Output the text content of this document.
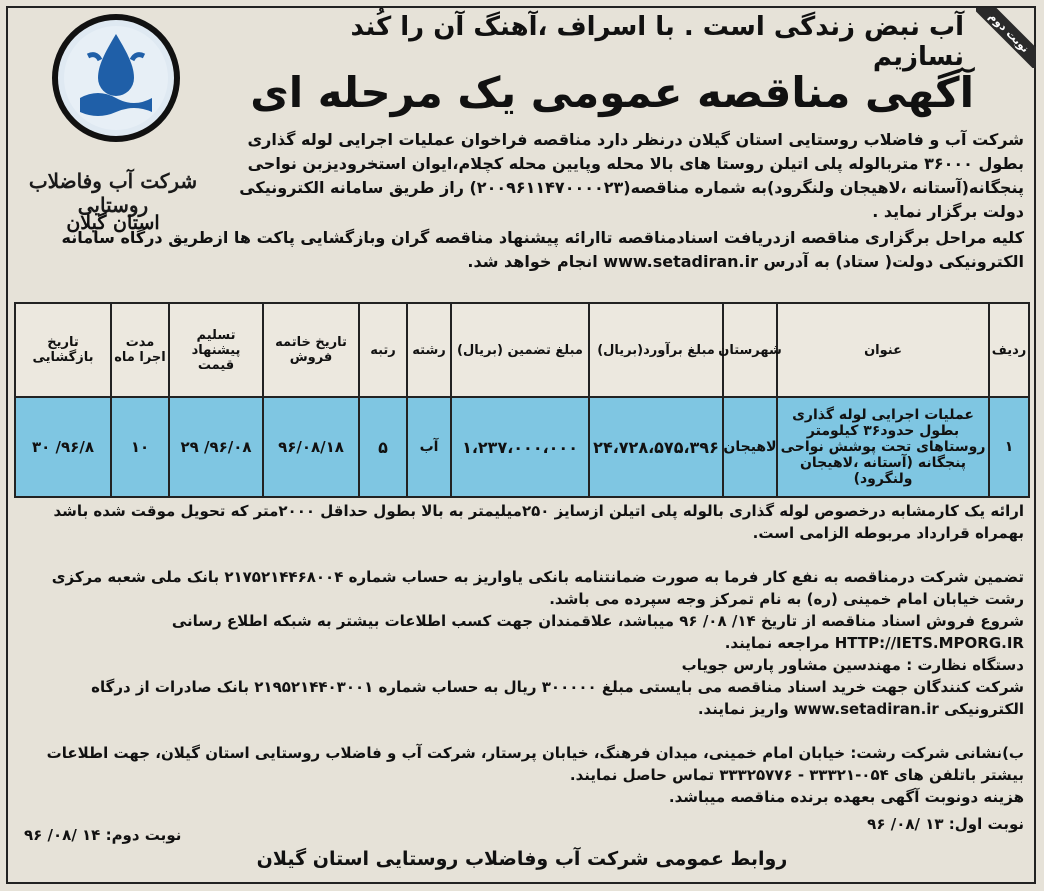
نوبت دوم
آب نبض زندگی است . با اسراف ،آهنگ آن را کُند نسازیم
آگهی مناقصه عمومی یک مرحله ای
شرکت آب وفاضلاب روستایی
استان گیلان
شرکت آب و فاضلاب روستایی استان گیلان درنظر دارد مناقصه فراخوان عملیات اجرایی لوله گذاری بطول ۳۶۰۰۰ متربالوله پلی اتیلن روستا های بالا محله وپایین محله کچلام،ایوان استخرودیزبن نواحی پنجگانه(آستانه ،لاهیجان ولنگرود)به شماره مناقصه(۲۰۰۹۶۱۱۴۷۰۰۰۰۲۳) راز طریق سامانه الکترونیکی دولت برگزار نماید .
کلیه مراحل برگزاری مناقصه ازدریافت اسنادمناقصه تاارائه پیشنهاد مناقصه گران وبازگشایی پاکت ها ازطریق درگاه سامانه الکترونیکی دولت( ستاد) به آدرس www.setadiran.ir انجام خواهد شد.
ردیف
عنوان
شهرستان
مبلغ برآورد(بریال)
مبلغ تضمین (بریال)
رشته
رتبه
تاریخ خاتمه فروش
تسلیم پیشنهاد قیمت
مدت اجرا ماه
تاریخ بازگشایی
۱
عملیات اجرایی لوله گذاری بطول حدود۳۶ کیلومتر روستاهای تحت پوشش نواحی پنجگانه (آستانه ،لاهیجان ولنگرود)
لاهیجان
۲۴،۷۲۸،۵۷۵،۳۹۶
۱،۲۳۷،۰۰۰،۰۰۰
آب
۵
۹۶/۰۸/۱۸
۹۶/۰۸/ ۲۹
۱۰
۹۶/۸/ ۳۰
ارائه یک کارمشابه درخصوص لوله گذاری بالوله پلی اتیلن ازسایز ۲۵۰میلیمتر به بالا بطول حداقل ۲۰۰۰متر که تحویل موقت شده باشد بهمراه قرارداد مربوطه الزامی است.
تضمین شرکت درمناقصه به نفع کار فرما به صورت ضمانتنامه بانکی یاواریز به حساب شماره ۲۱۷۵۲۱۴۴۶۸۰۰۴ بانک ملی شعبه مرکزی رشت خیابان امام خمینی (ره) به نام تمرکز وجه سپرده می باشد.
شروع فروش اسناد مناقصه از تاریخ ۱۴/ ۰۸/ ۹۶ میباشد، علاقمندان جهت کسب اطلاعات بیشتر به شبکه اطلاع رسانی HTTP://IETS.MPORG.IR مراجعه نمایند.
دستگاه نظارت : مهندسین مشاور پارس جویاب
شرکت کنندگان جهت خرید اسناد مناقصه می بایستی مبلغ ۳۰۰۰۰۰ ریال به حساب شماره ۲۱۹۵۲۱۴۴۰۳۰۰۱ بانک صادرات از درگاه الکترونیکی www.setadiran.ir واریز نمایند.
ب)نشانی شرکت رشت: خیابان امام خمینی، میدان فرهنگ، خیابان پرستار، شرکت آب و فاضلاب روستایی استان گیلان، جهت اطلاعات بیشتر باتلفن های ۰۵۴-۳۳۳۲۱ - ۳۳۳۲۵۷۷۶ تماس حاصل نمایند.
هزینه دونوبت آگهی بعهده برنده مناقصه میباشد.
نوبت اول: ۱۳ /۰۸/ ۹۶
نوبت دوم: ۱۴ /۰۸/ ۹۶
روابط عمومی شرکت آب وفاضلاب روستایی استان گیلان
